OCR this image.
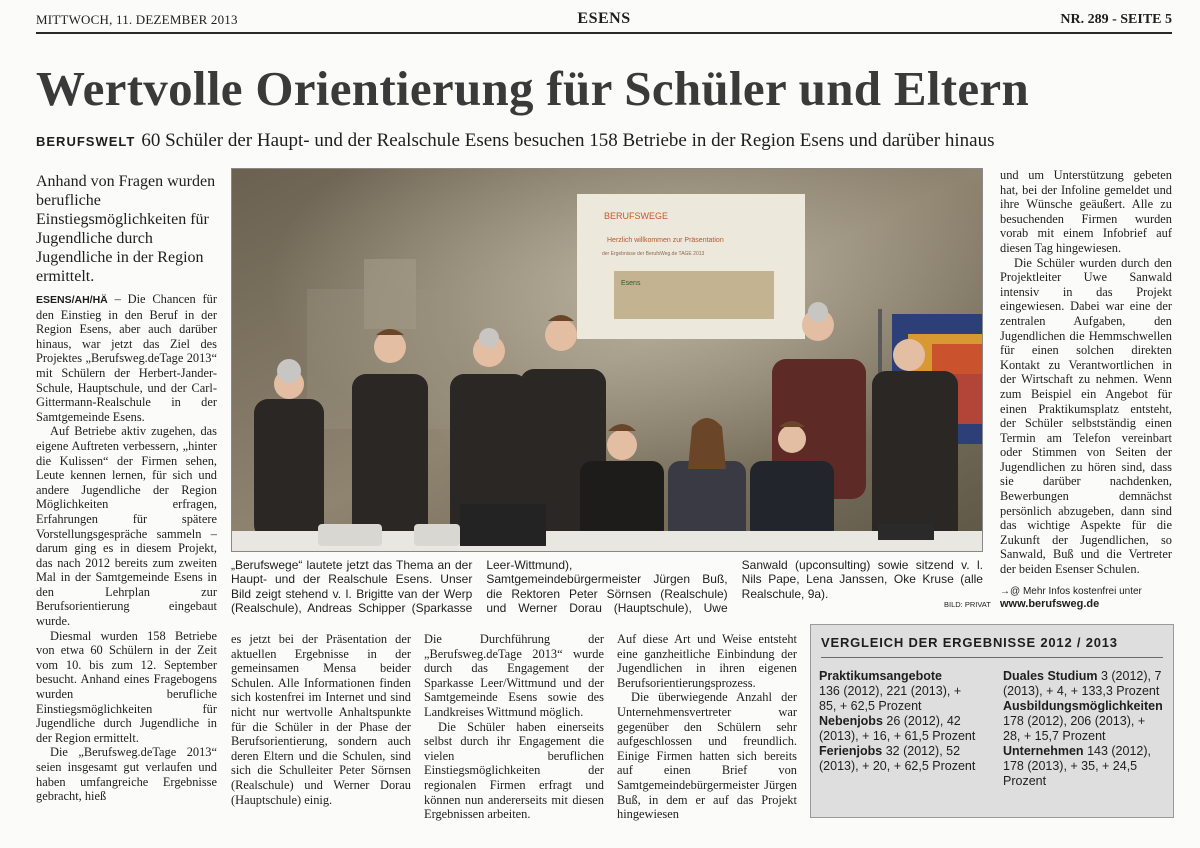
MITTWOCH, 11. DEZEMBER 2013	ESENS	NR. 289 - SEITE 5
Wertvolle Orientierung für Schüler und Eltern
BERUFSWELT 60 Schüler der Haupt- und der Realschule Esens besuchen 158 Betriebe in der Region Esens und darüber hinaus
Anhand von Fragen wurden berufliche Einstiegsmöglichkeiten für Jugendliche durch Jugendliche in der Region ermittelt.

ESENS/AH/HÄ – Die Chancen für den Einstieg in den Beruf in der Region Esens, aber auch darüber hinaus, war jetzt das Ziel des Projektes „Berufsweg.deTage 2013“ mit Schülern der Herbert-Jander-Schule, Hauptschule, und der Carl-Gittermann-Realschule in der Samtgemeinde Esens.

Auf Betriebe aktiv zugehen, das eigene Auftreten verbessern, „hinter die Kulissen“ der Firmen sehen, Leute kennen lernen, für sich und andere Jugendliche der Region Möglichkeiten erfragen, Erfahrungen für spätere Vorstellungsgespräche sammeln – darum ging es in diesem Projekt, das nach 2012 bereits zum zweiten Mal in der Samtgemeinde Esens in den Lehrplan zur Berufsorientierung eingebaut wurde.

Diesmal wurden 158 Betriebe von etwa 60 Schülern in der Zeit vom 10. bis zum 12. September besucht. Anhand eines Fragebogens wurden berufliche Einstiegsmöglichkeiten für Jugendliche durch Jugendliche in der Region ermittelt.

Die „Berufsweg.deTage 2013“ seien insgesamt gut verlaufen und haben umfangreiche Ergebnisse gebracht, hieß

BERUFSWEGE
Herzlich willkommen zur Präsentation
der Ergebnisse der BerufsWeg.de TAGE 2013
Esens
„Berufswege“ lautete jetzt das Thema an der Haupt- und der Realschule Esens. Unser Bild zeigt stehend v. l. Brigitte van der Werp (Realschule), Andreas Schipper (Sparkasse Leer-Wittmund), Samtgemeindebürgermeister Jürgen Buß, die Rektoren Peter Sörnsen (Realschule) und Werner Dorau (Hauptschule), Uwe Sanwald (upconsulting) sowie sitzend v. l. Nils Pape, Lena Janssen, Oke Kruse (alle Realschule, 9a).
BILD: PRIVAT

es jetzt bei der Präsentation der aktuellen Ergebnisse in der gemeinsamen Mensa beider Schulen. Alle Informationen finden sich kostenfrei im Internet und sind nicht nur wertvolle Anhaltspunkte für die Schüler in der Phase der Berufsorientierung, sondern auch deren Eltern und die Schulen, sind sich die Schulleiter Peter Sörnsen (Realschule) und Werner Dorau (Hauptschule) einig.

Die Durchführung der „Berufsweg.deTage 2013“ wurde durch das Engagement der Sparkasse Leer/Wittmund und der Samtgemeinde Esens sowie des Landkreises Wittmund möglich.

Die Schüler haben einerseits selbst durch ihr Engagement die vielen beruflichen Einstiegsmöglichkeiten der regionalen Firmen erfragt und können nun andererseits mit diesen Ergebnissen arbeiten.

Auf diese Art und Weise entsteht eine ganzheitliche Einbindung der Jugendlichen in ihren eigenen Berufsorientierungsprozess.

Die überwiegende Anzahl der Unternehmensvertreter war gegenüber den Schülern sehr aufgeschlossen und freundlich. Einige Firmen hatten sich bereits auf einen Brief von Samtgemeindebürgermeister Jürgen Buß, in dem er auf das Projekt hingewiesen

und um Unterstützung gebeten hat, bei der Infoline gemeldet und ihre Wünsche geäußert. Alle zu besuchenden Firmen wurden vorab mit einem Infobrief auf diesen Tag hingewiesen.

Die Schüler wurden durch den Projektleiter Uwe Sanwald intensiv in das Projekt eingewiesen. Dabei war eine der zentralen Aufgaben, den Jugendlichen die Hemmschwellen für einen solchen direkten Kontakt zu Verantwortlichen in der Wirtschaft zu nehmen. Wenn zum Beispiel ein Angebot für einen Praktikumsplatz entsteht, der Schüler selbstständig einen Termin am Telefon vereinbart oder Stimmen von Seiten der Jugendlichen zu hören sind, dass sie darüber nachdenken, Bewerbungen demnächst persönlich abzugeben, dann sind das wichtige Aspekte für die Zukunft der Jugendlichen, so Sanwald, Buß und die Vertreter der beiden Esenser Schulen.

→@ Mehr Infos kostenfrei unter
www.berufsweg.de
VERGLEICH DER ERGEBNISSE 2012 / 2013
Praktikumsangebote
136 (2012), 221 (2013), + 85, + 62,5 Prozent
Nebenjobs 26 (2012), 42 (2013), + 16, + 61,5 Prozent
Ferienjobs 32 (2012), 52 (2013), + 20, + 62,5 Prozent
Duales Studium 3 (2012), 7 (2013), + 4, + 133,3 Prozent
Ausbildungsmöglichkeiten
178 (2012), 206 (2013), + 28, + 15,7 Prozent
Unternehmen 143 (2012), 178 (2013), + 35, + 24,5 Prozent
